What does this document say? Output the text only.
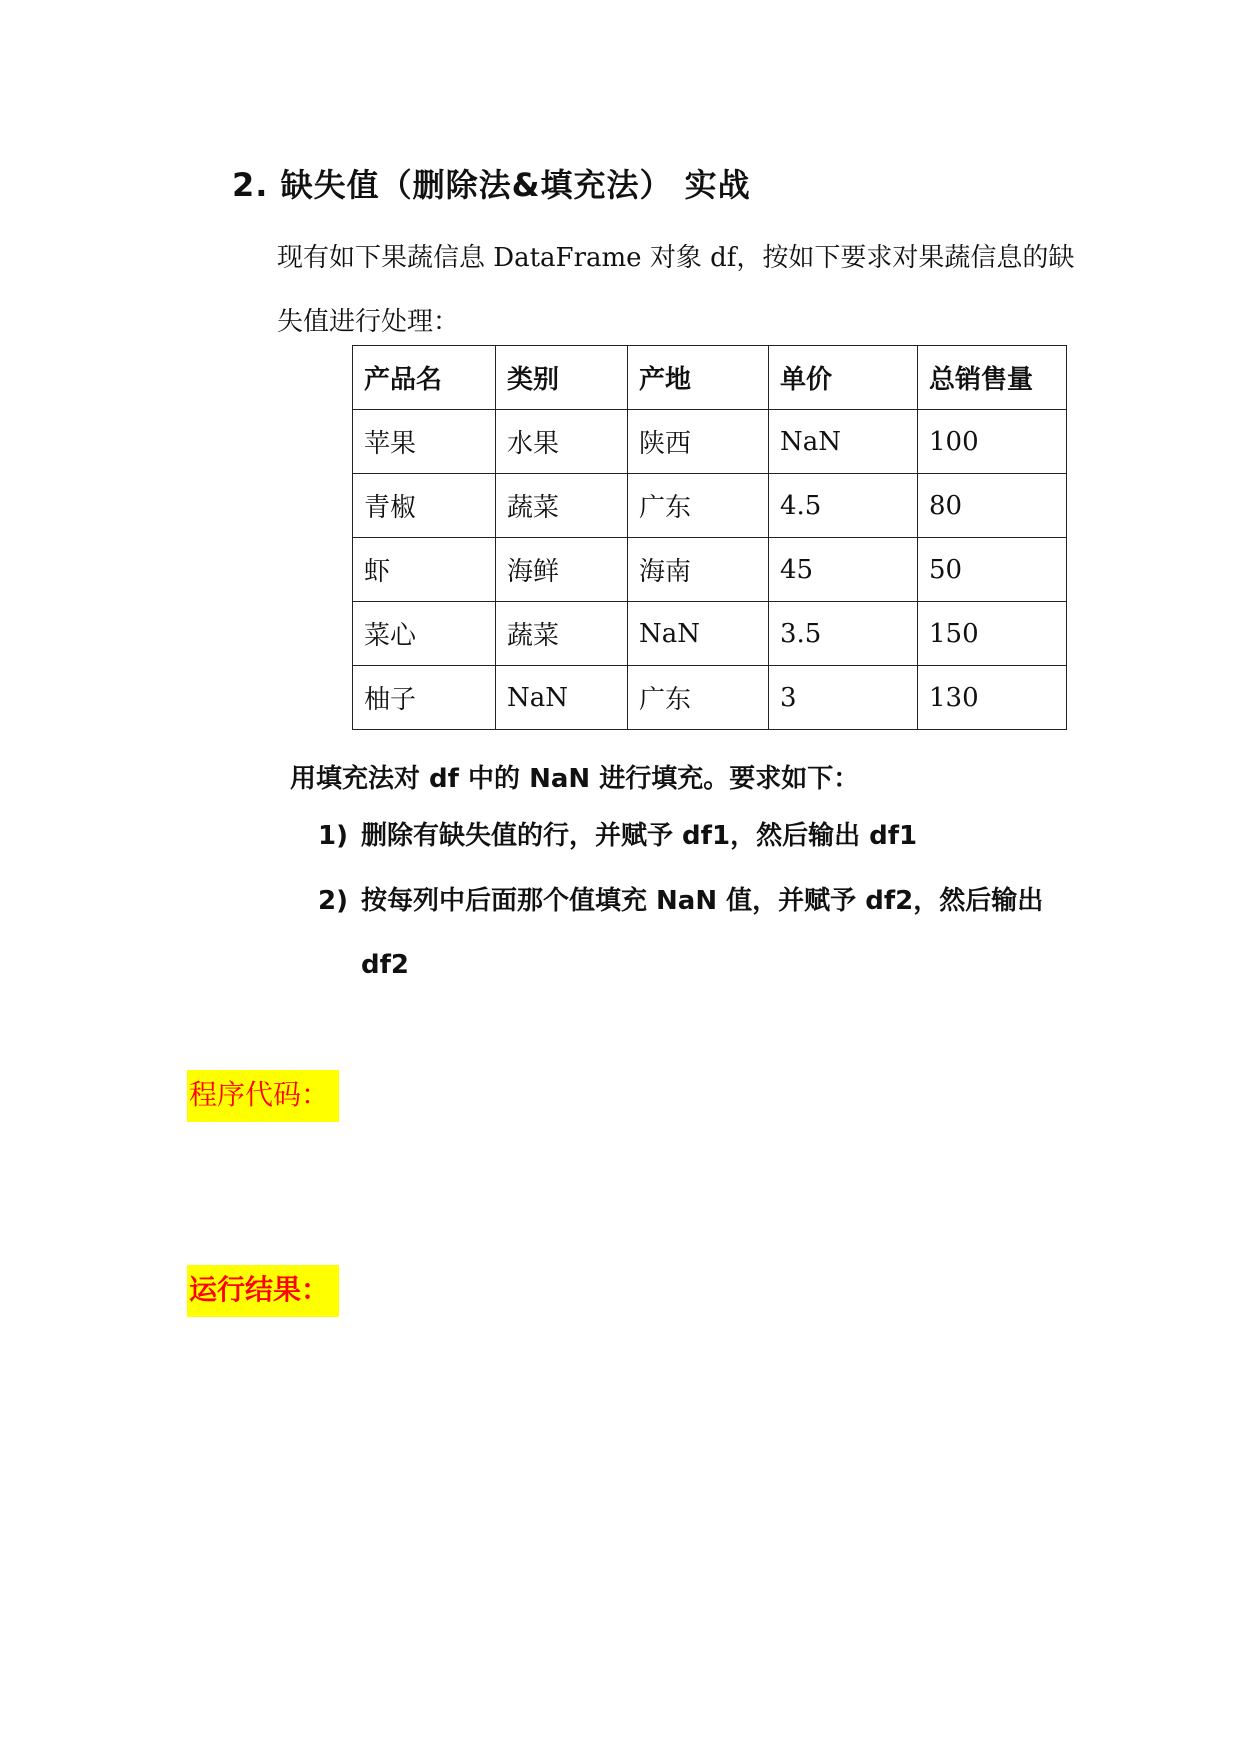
2. 缺失值（删除法&填充法） 实战
现有如下果蔬信息 DataFrame 对象 df，按如下要求对果蔬信息的缺失值进行处理：
产品名	类别	产地	单价	总销售量
苹果	水果	陕西	NaN	100
青椒	蔬菜	广东	4.5	80
虾	海鲜	海南	45	50
菜心	蔬菜	NaN	3.5	150
柚子	NaN	广东	3	130
用填充法对 df 中的 NaN 进行填充。要求如下：
1) 删除有缺失值的行，并赋予 df1，然后输出 df1
2) 按每列中后面那个值填充 NaN 值，并赋予 df2，然后输出 df2
程序代码：
运行结果：
